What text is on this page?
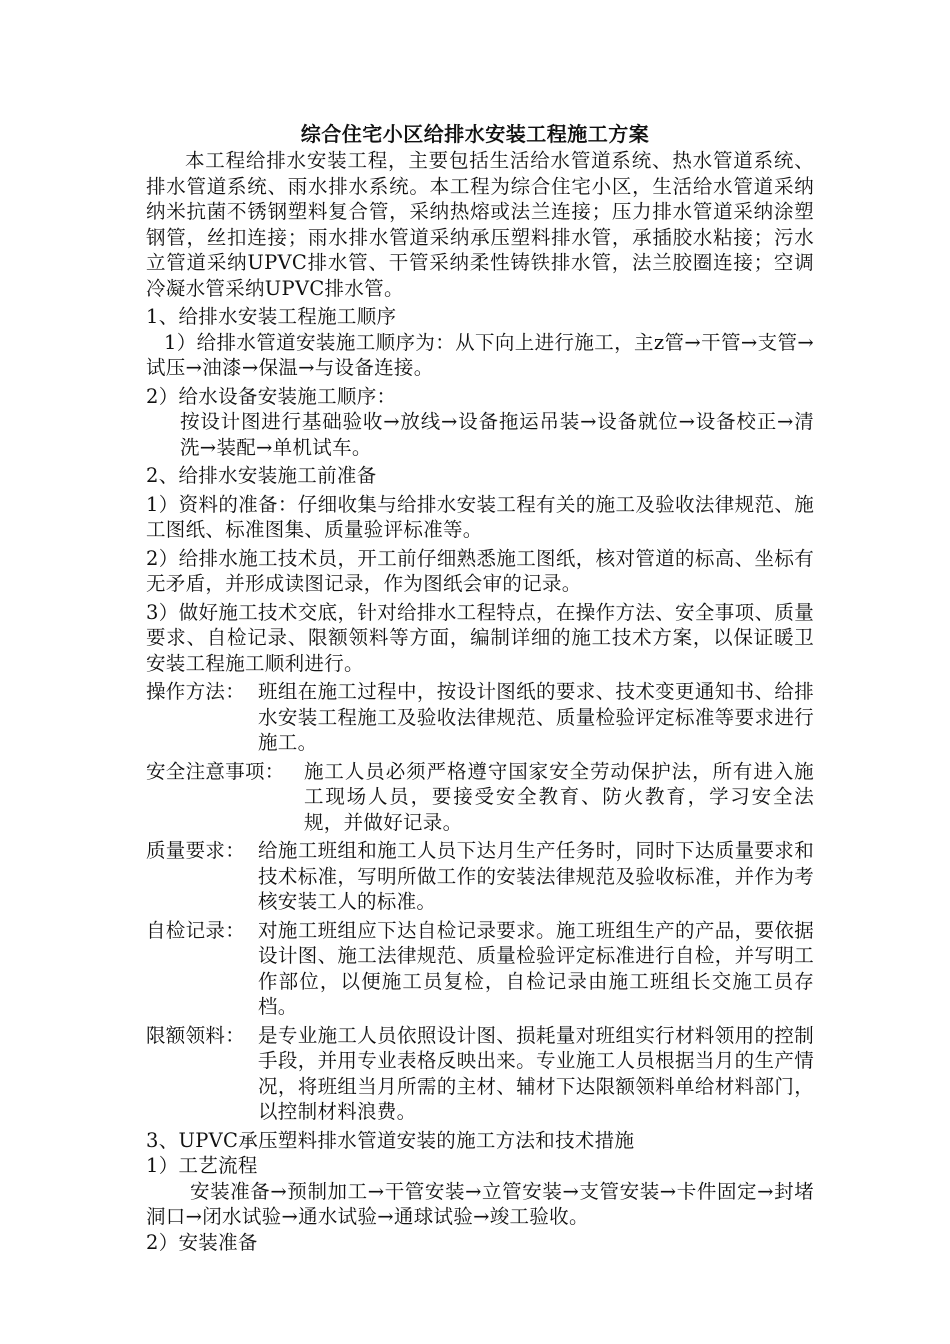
综合住宅小区给排水安装工程施工方案
本工程给排水安装工程，主要包括生活给水管道系统、热水管道系统、排水管道系统、雨水排水系统。本工程为综合住宅小区，生活给水管道采纳纳米抗菌不锈钢塑料复合管，采纳热熔或法兰连接；压力排水管道采纳涂塑钢管，丝扣连接；雨水排水管道采纳承压塑料排水管，承插胶水粘接；污水立管道采纳UPVC排水管、干管采纳柔性铸铁排水管，法兰胶圈连接；空调冷凝水管采纳UPVC排水管。
1、给排水安装工程施工顺序
1）给排水管道安装施工顺序为：从下向上进行施工，主z管→干管→支管→试压→油漆→保温→与设备连接。
2）给水设备安装施工顺序：
按设计图进行基础验收→放线→设备拖运吊装→设备就位→设备校正→清洗→装配→单机试车。
2、给排水安装施工前准备
1）资料的准备：仔细收集与给排水安装工程有关的施工及验收法律规范、施工图纸、标准图集、质量验评标准等。
2）给排水施工技术员，开工前仔细熟悉施工图纸，核对管道的标高、坐标有无矛盾，并形成读图记录，作为图纸会审的记录。
3）做好施工技术交底，针对给排水工程特点，在操作方法、安全事项、质量要求、自检记录、限额领料等方面，编制详细的施工技术方案，以保证暖卫安装工程施工顺利进行。
操作方法： 班组在施工过程中，按设计图纸的要求、技术变更通知书、给排水安装工程施工及验收法律规范、质量检验评定标准等要求进行施工。
安全注意事项： 施工人员必须严格遵守国家安全劳动保护法，所有进入施工现场人员，要接受安全教育、防火教育，学习安全法规，并做好记录。
质量要求： 给施工班组和施工人员下达月生产任务时，同时下达质量要求和技术标准，写明所做工作的安装法律规范及验收标准，并作为考核安装工人的标准。
自检记录： 对施工班组应下达自检记录要求。施工班组生产的产品，要依据设计图、施工法律规范、质量检验评定标准进行自检，并写明工作部位，以便施工员复检，自检记录由施工班组长交施工员存档。
限额领料： 是专业施工人员依照设计图、损耗量对班组实行材料领用的控制手段，并用专业表格反映出来。专业施工人员根据当月的生产情况，将班组当月所需的主材、辅材下达限额领料单给材料部门，以控制材料浪费。
3、UPVC承压塑料排水管道安装的施工方法和技术措施
1）工艺流程
安装准备→预制加工→干管安装→立管安装→支管安装→卡件固定→封堵洞口→闭水试验→通水试验→通球试验→竣工验收。
2）安装准备
